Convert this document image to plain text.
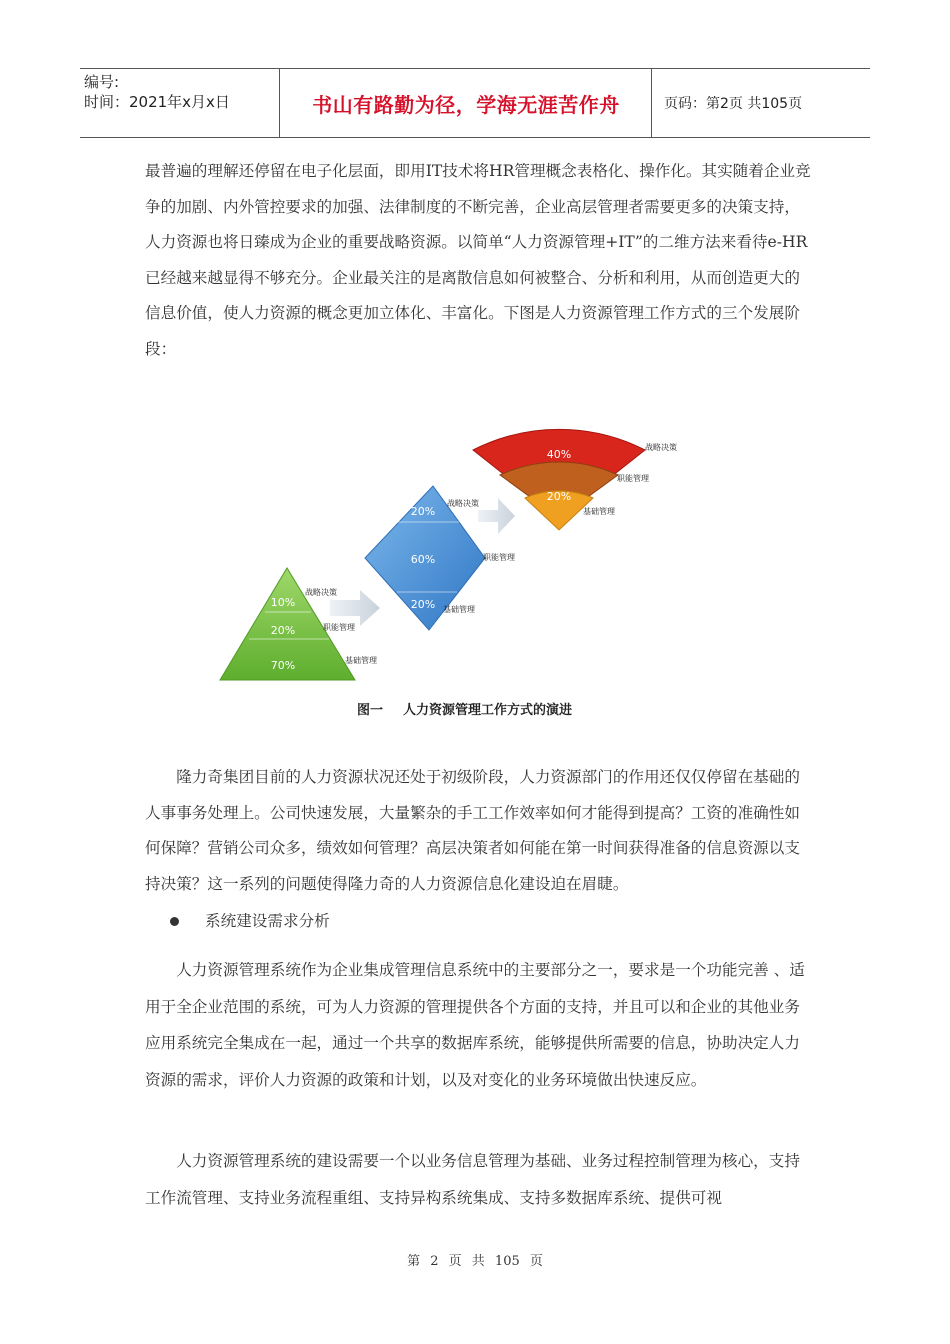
编号:
时间：2021年x月x日	书山有路勤为径，学海无涯苦作舟	页码：第2页 共105页
最普遍的理解还停留在电子化层面，即用IT技术将HR管理概念表格化、操作化。其实随着企业竞争的加剧、内外管控要求的加强、法律制度的不断完善，企业高层管理者需要更多的决策支持，人力资源也将日臻成为企业的重要战略资源。以简单“人力资源管理+IT”的二维方法来看待e-HR已经越来越显得不够充分。企业最关注的是离散信息如何被整合、分析和利用，从而创造更大的信息价值，使人力资源的概念更加立体化、丰富化。下图是人力资源管理工作方式的三个发展阶段：
10%
20%
70%
战略决策
职能管理
基础管理
20%
60%
20%
战略决策
职能管理
基础管理
40%
40%
20%
战略决策
职能管理
基础管理
图一 人力资源管理工作方式的演进
隆力奇集团目前的人力资源状况还处于初级阶段，人力资源部门的作用还仅仅停留在基础的人事事务处理上。公司快速发展，大量繁杂的手工工作效率如何才能得到提高？工资的准确性如何保障？营销公司众多，绩效如何管理？高层决策者如何能在第一时间获得准备的信息资源以支持决策？这一系列的问题使得隆力奇的人力资源信息化建设迫在眉睫。
系统建设需求分析
人力资源管理系统作为企业集成管理信息系统中的主要部分之一，要求是一个功能完善 、适用于全企业范围的系统，可为人力资源的管理提供各个方面的支持，并且可以和企业的其他业务应用系统完全集成在一起，通过一个共享的数据库系统，能够提供所需要的信息，协助决定人力资源的需求，评价人力资源的政策和计划，以及对变化的业务环境做出快速反应。
人力资源管理系统的建设需要一个以业务信息管理为基础、业务过程控制管理为核心，支持工作流管理、支持业务流程重组、支持异构系统集成、支持多数据库系统、提供可视
第 2 页 共 105 页
